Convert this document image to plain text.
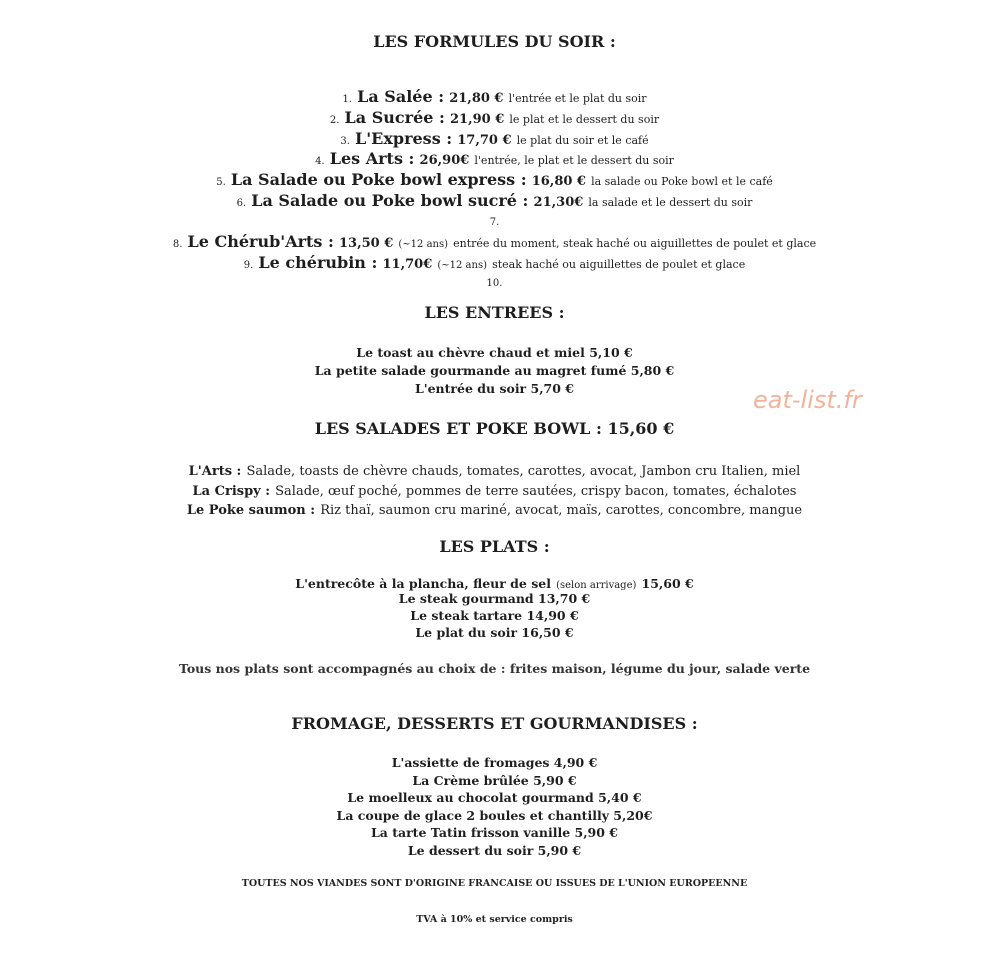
eat-list.fr
LES FORMULES DU SOIR :
1. La Salée : 21,80 € l'entrée et le plat du soir
2. La Sucrée : 21,90 € le plat et le dessert du soir
3. L'Express : 17,70 € le plat du soir et le café
4. Les Arts : 26,90€ l'entrée, le plat et le dessert du soir
5. La Salade ou Poke bowl express : 16,80 € la salade ou Poke bowl et le café
6. La Salade ou Poke bowl sucré : 21,30€ la salade et le dessert du soir
7.
8. Le Chérub'Arts : 13,50 € (~12 ans) entrée du moment, steak haché ou aiguillettes de poulet et glace
9. Le chérubin : 11,70€ (~12 ans) steak haché ou aiguillettes de poulet et glace
10.
LES ENTREES :
Le toast au chèvre chaud et miel 5,10 €
La petite salade gourmande au magret fumé 5,80 €
L'entrée du soir 5,70 €
LES SALADES ET POKE BOWL : 15,60 €
L'Arts : Salade, toasts de chèvre chauds, tomates, carottes, avocat, Jambon cru Italien, miel
La Crispy : Salade, œuf poché, pommes de terre sautées, crispy bacon, tomates, échalotes
Le Poke saumon : Riz thaï, saumon cru mariné, avocat, maïs, carottes, concombre, mangue
LES PLATS :
L'entrecôte à la plancha, fleur de sel (selon arrivage) 15,60 €
Le steak gourmand 13,70 €
Le steak tartare 14,90 €
Le plat du soir 16,50 €
Tous nos plats sont accompagnés au choix de : frites maison, légume du jour, salade verte
FROMAGE, DESSERTS ET GOURMANDISES :
L'assiette de fromages 4,90 €
La Crème brûlée 5,90 €
Le moelleux au chocolat gourmand 5,40 €
La coupe de glace 2 boules et chantilly 5,20€
La tarte Tatin frisson vanille 5,90 €
Le dessert du soir 5,90 €
TOUTES NOS VIANDES SONT D'ORIGINE FRANCAISE OU ISSUES DE L'UNION EUROPEENNE
TVA à 10% et service compris
